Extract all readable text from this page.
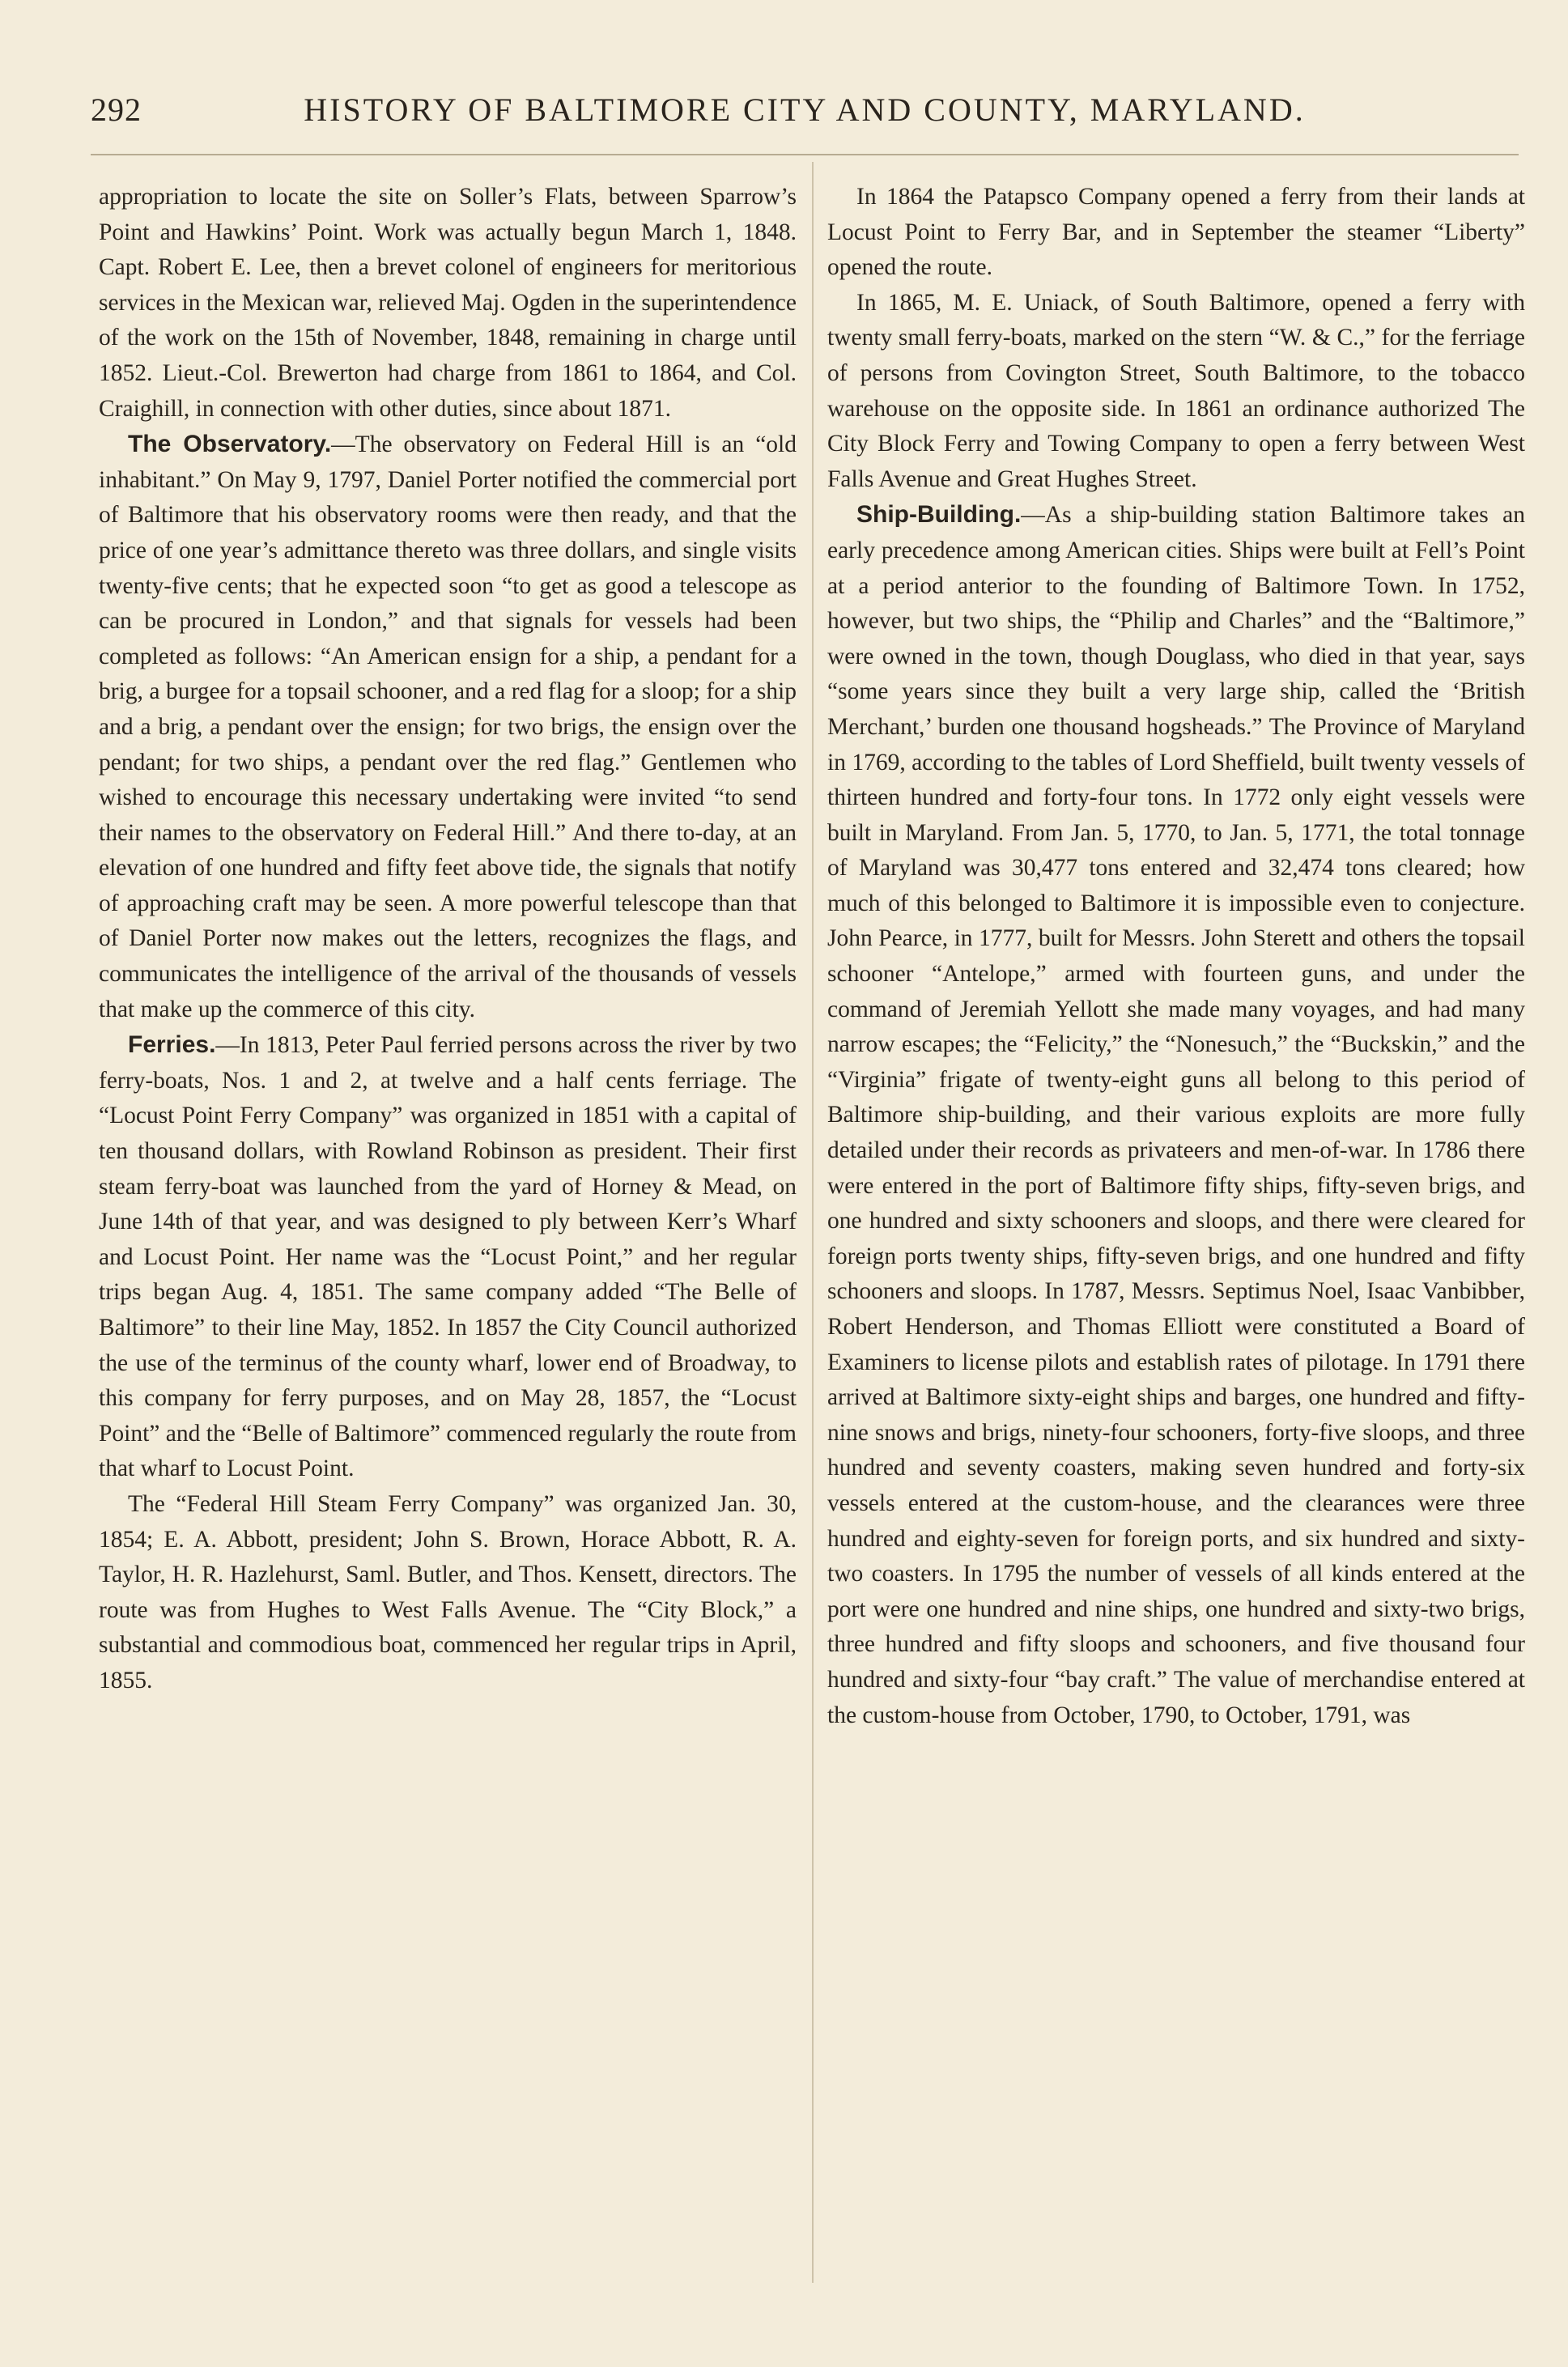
292	HISTORY OF BALTIMORE CITY AND COUNTY, MARYLAND.

appropriation to locate the site on Soller’s Flats, between Sparrow’s Point and Hawkins’ Point. Work was actually begun March 1, 1848. Capt. Robert E. Lee, then a brevet colonel of engineers for meritorious services in the Mexican war, relieved Maj. Ogden in the superintendence of the work on the 15th of November, 1848, remaining in charge until 1852. Lieut.-Col. Brewerton had charge from 1861 to 1864, and Col. Craighill, in connection with other duties, since about 1871.

The Observatory.—The observatory on Federal Hill is an “old inhabitant.” On May 9, 1797, Daniel Porter notified the commercial port of Baltimore that his observatory rooms were then ready, and that the price of one year’s admittance thereto was three dollars, and single visits twenty-five cents; that he expected soon “to get as good a telescope as can be procured in London,” and that signals for vessels had been completed as follows: “An American ensign for a ship, a pendant for a brig, a burgee for a topsail schooner, and a red flag for a sloop; for a ship and a brig, a pendant over the ensign; for two brigs, the ensign over the pendant; for two ships, a pendant over the red flag.” Gentlemen who wished to encourage this necessary undertaking were invited “to send their names to the observatory on Federal Hill.” And there to-day, at an elevation of one hundred and fifty feet above tide, the signals that notify of approaching craft may be seen. A more powerful telescope than that of Daniel Porter now makes out the letters, recognizes the flags, and communicates the intelligence of the arrival of the thousands of vessels that make up the commerce of this city.

Ferries.—In 1813, Peter Paul ferried persons across the river by two ferry-boats, Nos. 1 and 2, at twelve and a half cents ferriage. The “Locust Point Ferry Company” was organized in 1851 with a capital of ten thousand dollars, with Rowland Robinson as president. Their first steam ferry-boat was launched from the yard of Horney & Mead, on June 14th of that year, and was designed to ply between Kerr’s Wharf and Locust Point. Her name was the “Locust Point,” and her regular trips began Aug. 4, 1851. The same company added “The Belle of Baltimore” to their line May, 1852. In 1857 the City Council authorized the use of the terminus of the county wharf, lower end of Broadway, to this company for ferry purposes, and on May 28, 1857, the “Locust Point” and the “Belle of Baltimore” commenced regularly the route from that wharf to Locust Point.

The “Federal Hill Steam Ferry Company” was organized Jan. 30, 1854; E. A. Abbott, president; John S. Brown, Horace Abbott, R. A. Taylor, H. R. Hazlehurst, Saml. Butler, and Thos. Kensett, directors. The route was from Hughes to West Falls Avenue. The “City Block,” a substantial and commodious boat, commenced her regular trips in April, 1855.

In 1864 the Patapsco Company opened a ferry from their lands at Locust Point to Ferry Bar, and in September the steamer “Liberty” opened the route.

In 1865, M. E. Uniack, of South Baltimore, opened a ferry with twenty small ferry-boats, marked on the stern “W. & C.,” for the ferriage of persons from Covington Street, South Baltimore, to the tobacco warehouse on the opposite side. In 1861 an ordinance authorized The City Block Ferry and Towing Company to open a ferry between West Falls Avenue and Great Hughes Street.

Ship-Building.—As a ship-building station Baltimore takes an early precedence among American cities. Ships were built at Fell’s Point at a period anterior to the founding of Baltimore Town. In 1752, however, but two ships, the “Philip and Charles” and the “Baltimore,” were owned in the town, though Douglass, who died in that year, says “some years since they built a very large ship, called the ‘British Merchant,’ burden one thousand hogsheads.” The Province of Maryland in 1769, according to the tables of Lord Sheffield, built twenty vessels of thirteen hundred and forty-four tons. In 1772 only eight vessels were built in Maryland. From Jan. 5, 1770, to Jan. 5, 1771, the total tonnage of Maryland was 30,477 tons entered and 32,474 tons cleared; how much of this belonged to Baltimore it is impossible even to conjecture. John Pearce, in 1777, built for Messrs. John Sterett and others the topsail schooner “Antelope,” armed with fourteen guns, and under the command of Jeremiah Yellott she made many voyages, and had many narrow escapes; the “Felicity,” the “Nonesuch,” the “Buckskin,” and the “Virginia” frigate of twenty-eight guns all belong to this period of Baltimore ship-building, and their various exploits are more fully detailed under their records as privateers and men-of-war. In 1786 there were entered in the port of Baltimore fifty ships, fifty-seven brigs, and one hundred and sixty schooners and sloops, and there were cleared for foreign ports twenty ships, fifty-seven brigs, and one hundred and fifty schooners and sloops. In 1787, Messrs. Septimus Noel, Isaac Vanbibber, Robert Henderson, and Thomas Elliott were constituted a Board of Examiners to license pilots and establish rates of pilotage. In 1791 there arrived at Baltimore sixty-eight ships and barges, one hundred and fifty-nine snows and brigs, ninety-four schooners, forty-five sloops, and three hundred and seventy coasters, making seven hundred and forty-six vessels entered at the custom-house, and the clearances were three hundred and eighty-seven for foreign ports, and six hundred and sixty-two coasters. In 1795 the number of vessels of all kinds entered at the port were one hundred and nine ships, one hundred and sixty-two brigs, three hundred and fifty sloops and schooners, and five thousand four hundred and sixty-four “bay craft.” The value of merchandise entered at the custom-house from October, 1790, to October, 1791, was
